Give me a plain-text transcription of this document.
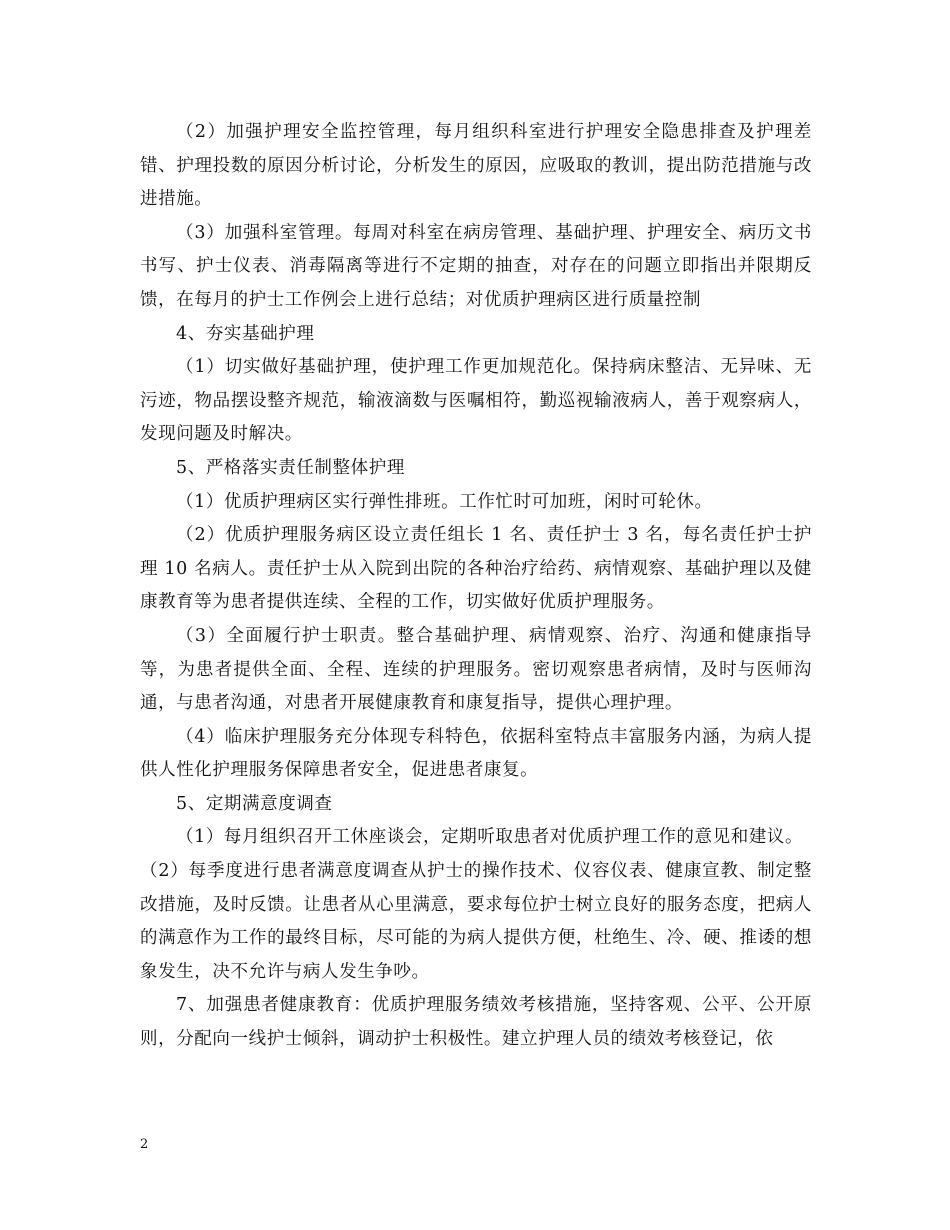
（2）加强护理安全监控管理，每月组织科室进行护理安全隐患排查及护理差错、护理投数的原因分析讨论，分析发生的原因，应吸取的教训，提出防范措施与改进措施。

（3）加强科室管理。每周对科室在病房管理、基础护理、护理安全、病历文书书写、护士仪表、消毒隔离等进行不定期的抽查，对存在的问题立即指出并限期反馈，在每月的护士工作例会上进行总结；对优质护理病区进行质量控制

4、夯实基础护理

（1）切实做好基础护理，使护理工作更加规范化。保持病床整洁、无异味、无污迹，物品摆设整齐规范，输液滴数与医嘱相符，勤巡视输液病人，善于观察病人，发现问题及时解决。

5、严格落实责任制整体护理

（1）优质护理病区实行弹性排班。工作忙时可加班，闲时可轮休。

（2）优质护理服务病区设立责任组长 1 名、责任护士 3 名，每名责任护士护理 10 名病人。责任护士从入院到出院的各种治疗给药、病情观察、基础护理以及健康教育等为患者提供连续、全程的工作，切实做好优质护理服务。

（3）全面履行护士职责。整合基础护理、病情观察、治疗、沟通和健康指导等，为患者提供全面、全程、连续的护理服务。密切观察患者病情，及时与医师沟通，与患者沟通，对患者开展健康教育和康复指导，提供心理护理。

（4）临床护理服务充分体现专科特色，依据科室特点丰富服务内涵，为病人提供人性化护理服务保障患者安全，促进患者康复。

5、定期满意度调查

（1）每月组织召开工休座谈会，定期听取患者对优质护理工作的意见和建议。

（2）每季度进行患者满意度调查从护士的操作技术、仪容仪表、健康宣教、制定整改措施，及时反馈。让患者从心里满意，要求每位护士树立良好的服务态度，把病人的满意作为工作的最终目标，尽可能的为病人提供方便，杜绝生、冷、硬、推诿的想象发生，决不允许与病人发生争吵。

7、加强患者健康教育：优质护理服务绩效考核措施，坚持客观、公平、公开原则，分配向一线护士倾斜，调动护士积极性。建立护理人员的绩效考核登记，依

2
